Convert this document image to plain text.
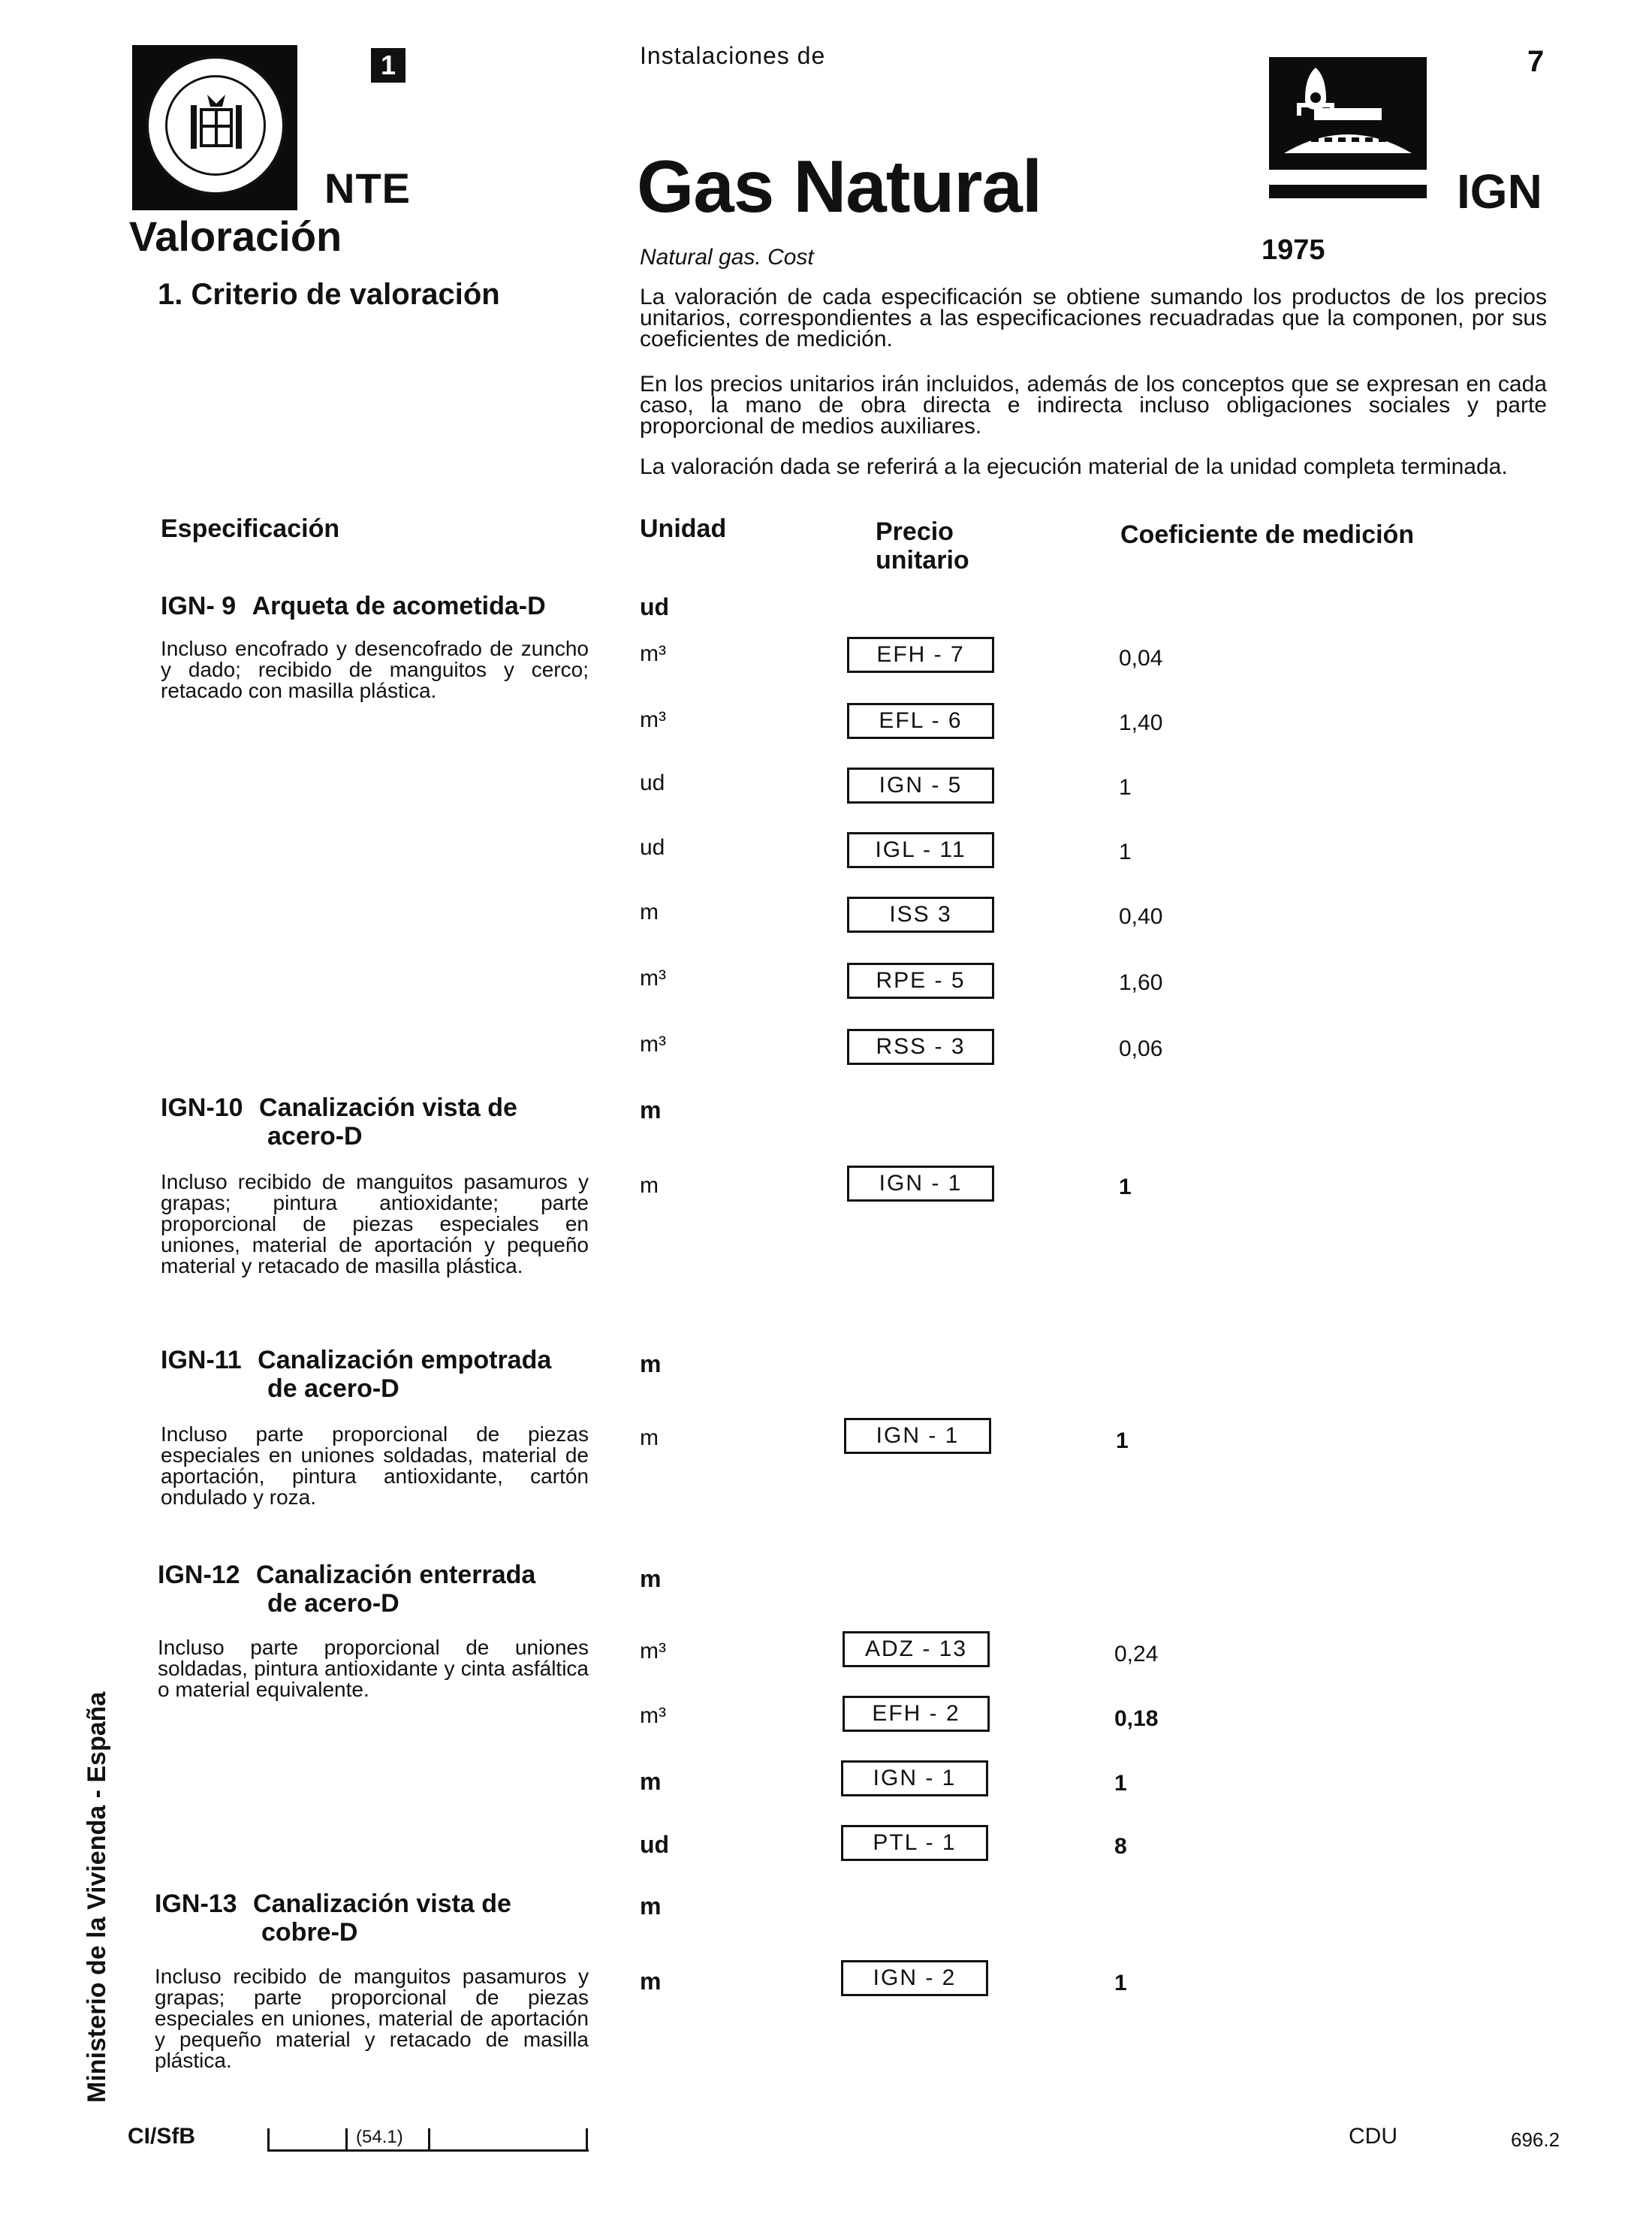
1
NTE
Valoración
Instalaciones de
Gas Natural
Natural gas. Cost	1975
7
IGN
1. Criterio de valoración	La valoración de cada especificación se obtiene sumando los productos de los precios unitarios, correspondientes a las especificaciones recuadradas que la componen, por sus coeficientes de medición.
En los precios unitarios irán incluidos, además de los conceptos que se expresan en cada caso, la mano de obra directa e indirecta incluso obligaciones sociales y parte proporcional de medios auxiliares.
La valoración dada se referirá a la ejecución material de la unidad completa terminada.
Especificación	Unidad	Precio
unitario
Coeficiente de medición
IGN- 9 Arqueta de acometida-D	ud
Incluso encofrado y desencofrado de zuncho y dado; recibido de manguitos y cerco; retacado con masilla plástica.
m³	EFH - 7	0,04
m³	EFL - 6	1,40
ud	IGN - 5	1
ud	IGL - 11	1
m	ISS 3	0,40
m³	RPE - 5	1,60
m³	RSS - 3	0,06
IGN-10 Canalización vista de
acero-D
m
Incluso recibido de manguitos pasamuros y grapas; pintura antioxidante; parte proporcional de piezas especiales en uniones, material de aportación y pequeño material y retacado de masilla plástica.
m	IGN - 1	1
IGN-11 Canalización empotrada
de acero-D
m
Incluso parte proporcional de piezas especiales en uniones soldadas, material de aportación, pintura antioxidante, cartón ondulado y roza.
m	IGN - 1	1
IGN-12 Canalización enterrada
de acero-D
m
Incluso parte proporcional de uniones soldadas, pintura antioxidante y cinta asfáltica o material equivalente.
m³	ADZ - 13	0,24
m³	EFH - 2	0,18
m	IGN - 1	1
ud	PTL - 1	8
IGN-13 Canalización vista de
cobre-D
m
Incluso recibido de manguitos pasamuros y grapas; parte proporcional de piezas especiales en uniones, material de aportación y pequeño material y retacado de masilla plástica.
m	IGN - 2	1
Ministerio de la Vivienda - España
CI/SfB	(54.1)	CDU	696.2
